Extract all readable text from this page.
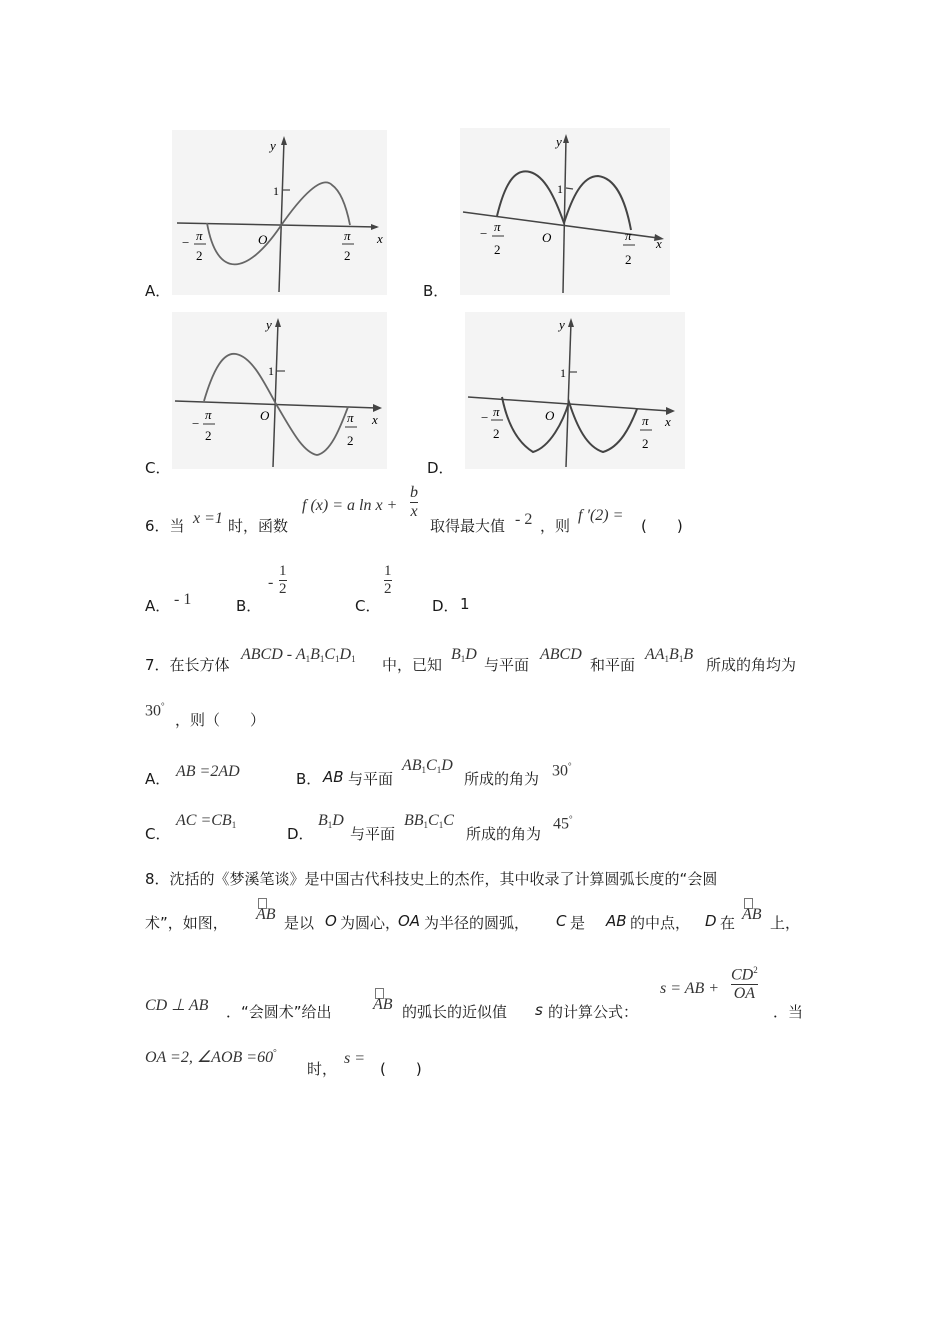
y
1
O	x
− π
2
π
2
A．
y
1
O	x
− π
2
π
2
B．
y
1
O	x
−
π
2
π
2
C．
y
1
O	x
− π
2
π
2
D．
6．当 x =1 时，函数
f (x) = a ln x +
b
x
取得最大值 - 2 ，则
f ′(2) =
(　　)
A． - 1	B．
-
1
2
C．
1
2
D． 1
7．在长方体
ABCD - $A_1B_1C_1D_1$ 中，已知
$B_1D$
与平面
ABCD
和平面
$AA_1B_1B$
所成的角均为
30°
，则（　　）
A． AB =2AD	B． AB 与平面
$AB_1C_1D$
所成的角为 30°
C．
AC $=CB_1$	D．
$B_1D$
与平面
$BB_1C_1C$
所成的角为
45°
8．沈括的《梦溪笔谈》是中国古代科技史上的杰作，其中收录了计算圆弧长度的“会圆
术”，如图， AB 是以 O 为圆心，
OA 为半径的圆弧， C 是 AB 的中点， D 在 AB 上，
CD ⊥ AB ．“会圆术”给出	AB 的弧长的近似值 s 的计算公式：
s = AB +
$CD^2$
OA
．当
OA =2, ∠AOB =60°
时，
s =
(　　)
